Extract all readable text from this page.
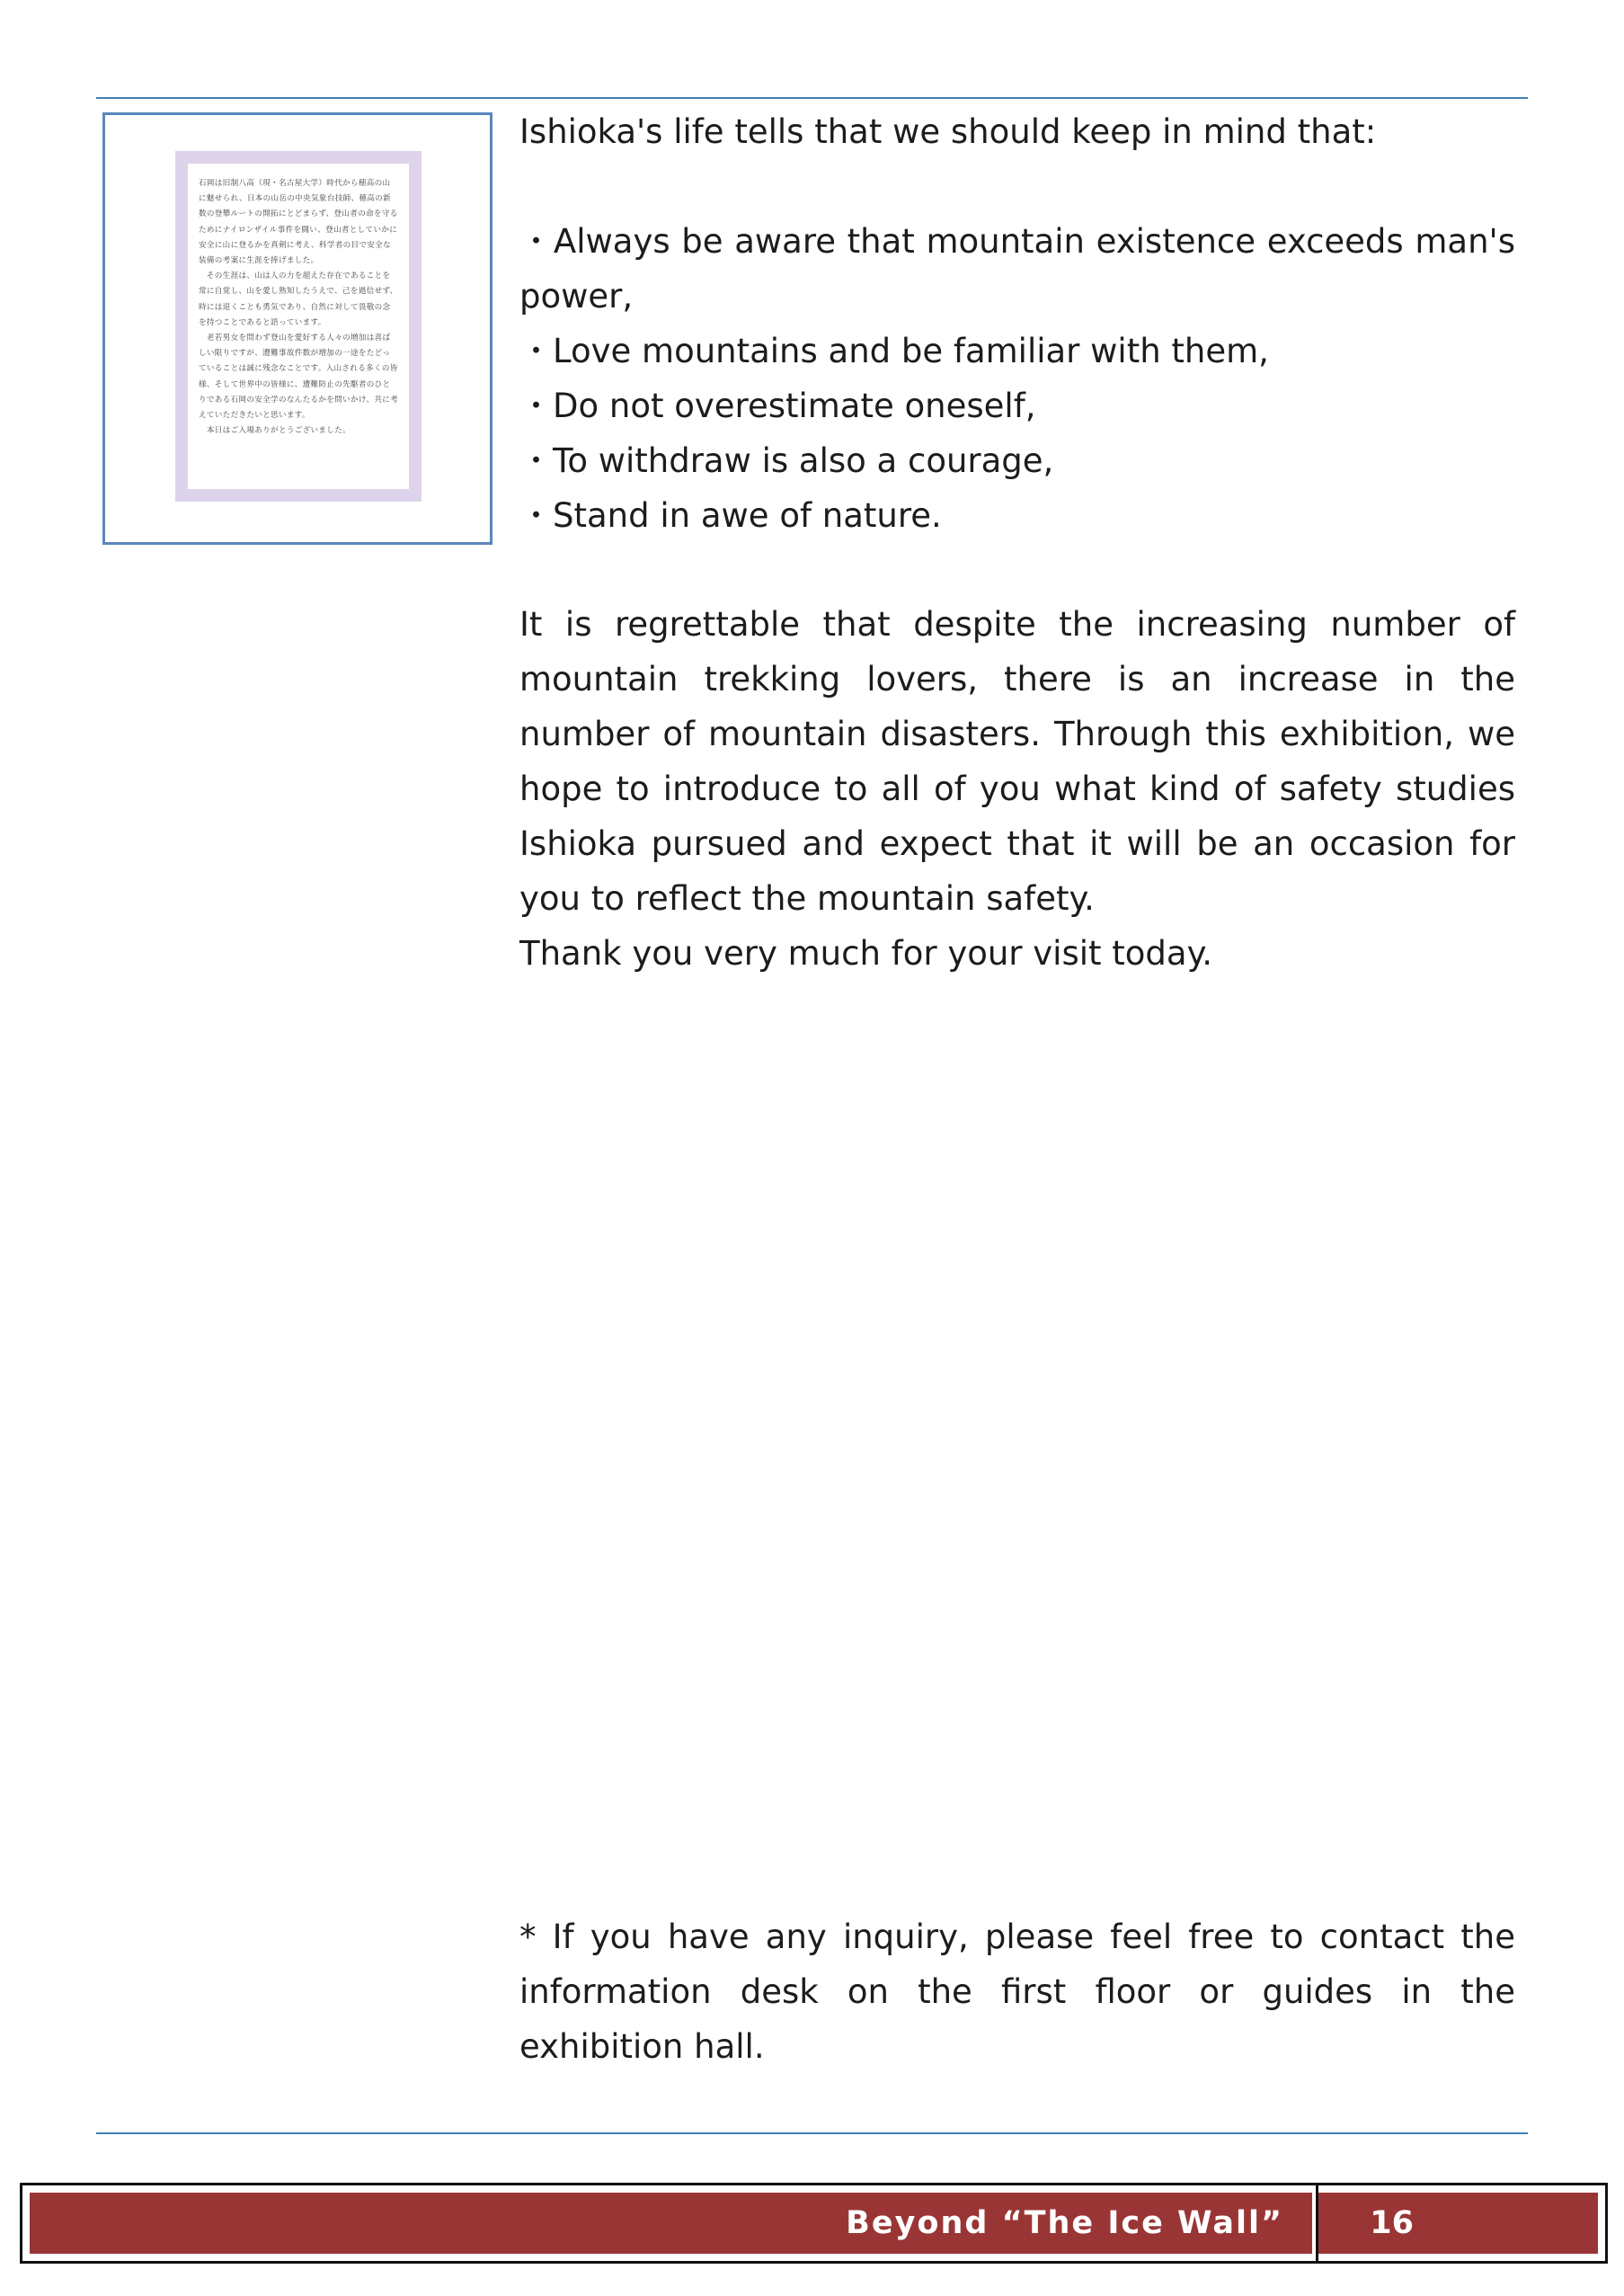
石岡は旧制八高（現・名古屋大学）時代から穂高の山に魅せられ、日本の山岳の中央気象台技師、穂高の新数の登攀ルートの開拓にとどまらず、登山者の命を守るためにナイロンザイル事件を闘い、登山者としていかに安全に山に登るかを真剣に考え、科学者の目で安全な装備の考案に生涯を捧げました。
　その生涯は、山は人の力を超えた存在であることを常に自覚し、山を愛し熟知したうえで、己を過信せず、時には退くことも勇気であり、自然に対して畏敬の念を持つことであると語っています。
　老若男女を問わず登山を愛好する人々の増加は喜ばしい限りですが、遭難事故件数が増加の一途をたどっていることは誠に残念なことです。入山される多くの皆様、そして世界中の皆様に、遭難防止の先駆者のひとりである石岡の安全学のなんたるかを問いかけ、共に考えていただきたいと思います。
　本日はご入場ありがとうございました。
Ishioka's life tells that we should keep in mind that:

・Always be aware that mountain existence exceeds man's power,

・Love mountains and be familiar with them,

・Do not overestimate oneself,

・To withdraw is also a courage,

・Stand in awe of nature.

It is regrettable that despite the increasing number of mountain trekking lovers, there is an increase in the number of mountain disasters. Through this exhibition, we hope to introduce to all of you what kind of safety studies Ishioka pursued and expect that it will be an occasion for you to reflect the mountain safety.

Thank you very much for your visit today.

* If you have any inquiry, please feel free to contact the information desk on the first floor or guides in the exhibition hall.
Beyond “The Ice Wall”	16
